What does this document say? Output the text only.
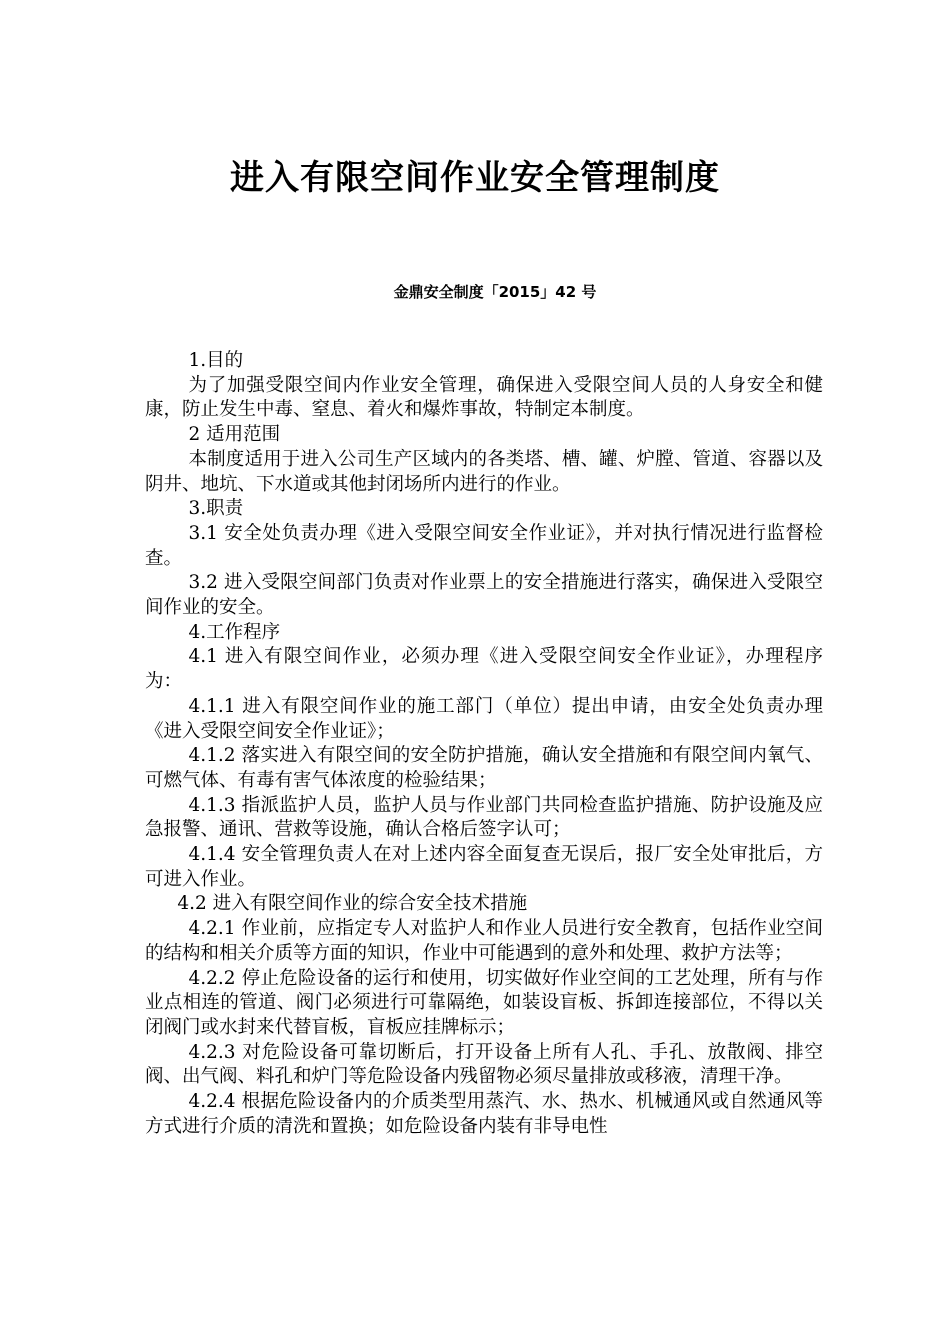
进入有限空间作业安全管理制度
金鼎安全制度「2015」42 号

1.目的

为了加强受限空间内作业安全管理，确保进入受限空间人员的人身安全和健康，防止发生中毒、窒息、着火和爆炸事故，特制定本制度。

2 适用范围

本制度适用于进入公司生产区域内的各类塔、槽、罐、炉膛、管道、容器以及阴井、地坑、下水道或其他封闭场所内进行的作业。

3.职责

3.1 安全处负责办理《进入受限空间安全作业证》，并对执行情况进行监督检查。

3.2 进入受限空间部门负责对作业票上的安全措施进行落实，确保进入受限空间作业的安全。

4.工作程序

4.1 进入有限空间作业，必须办理《进入受限空间安全作业证》，办理程序为：

4.1.1 进入有限空间作业的施工部门（单位）提出申请，由安全处负责办理《进入受限空间安全作业证》；

4.1.2 落实进入有限空间的安全防护措施，确认安全措施和有限空间内氧气、可燃气体、有毒有害气体浓度的检验结果；

4.1.3 指派监护人员，监护人员与作业部门共同检查监护措施、防护设施及应急报警、通讯、营救等设施，确认合格后签字认可；

4.1.4 安全管理负责人在对上述内容全面复查无误后，报厂安全处审批后，方可进入作业。

4.2 进入有限空间作业的综合安全技术措施

4.2.1 作业前，应指定专人对监护人和作业人员进行安全教育，包括作业空间的结构和相关介质等方面的知识，作业中可能遇到的意外和处理、救护方法等；

4.2.2 停止危险设备的运行和使用，切实做好作业空间的工艺处理，所有与作业点相连的管道、阀门必须进行可靠隔绝，如装设盲板、拆卸连接部位，不得以关闭阀门或水封来代替盲板，盲板应挂牌标示；

4.2.3 对危险设备可靠切断后，打开设备上所有人孔、手孔、放散阀、排空阀、出气阀、料孔和炉门等危险设备内残留物必须尽量排放或移液，清理干净。

4.2.4 根据危险设备内的介质类型用蒸汽、水、热水、机械通风或自然通风等方式进行介质的清洗和置换；如危险设备内装有非导电性
